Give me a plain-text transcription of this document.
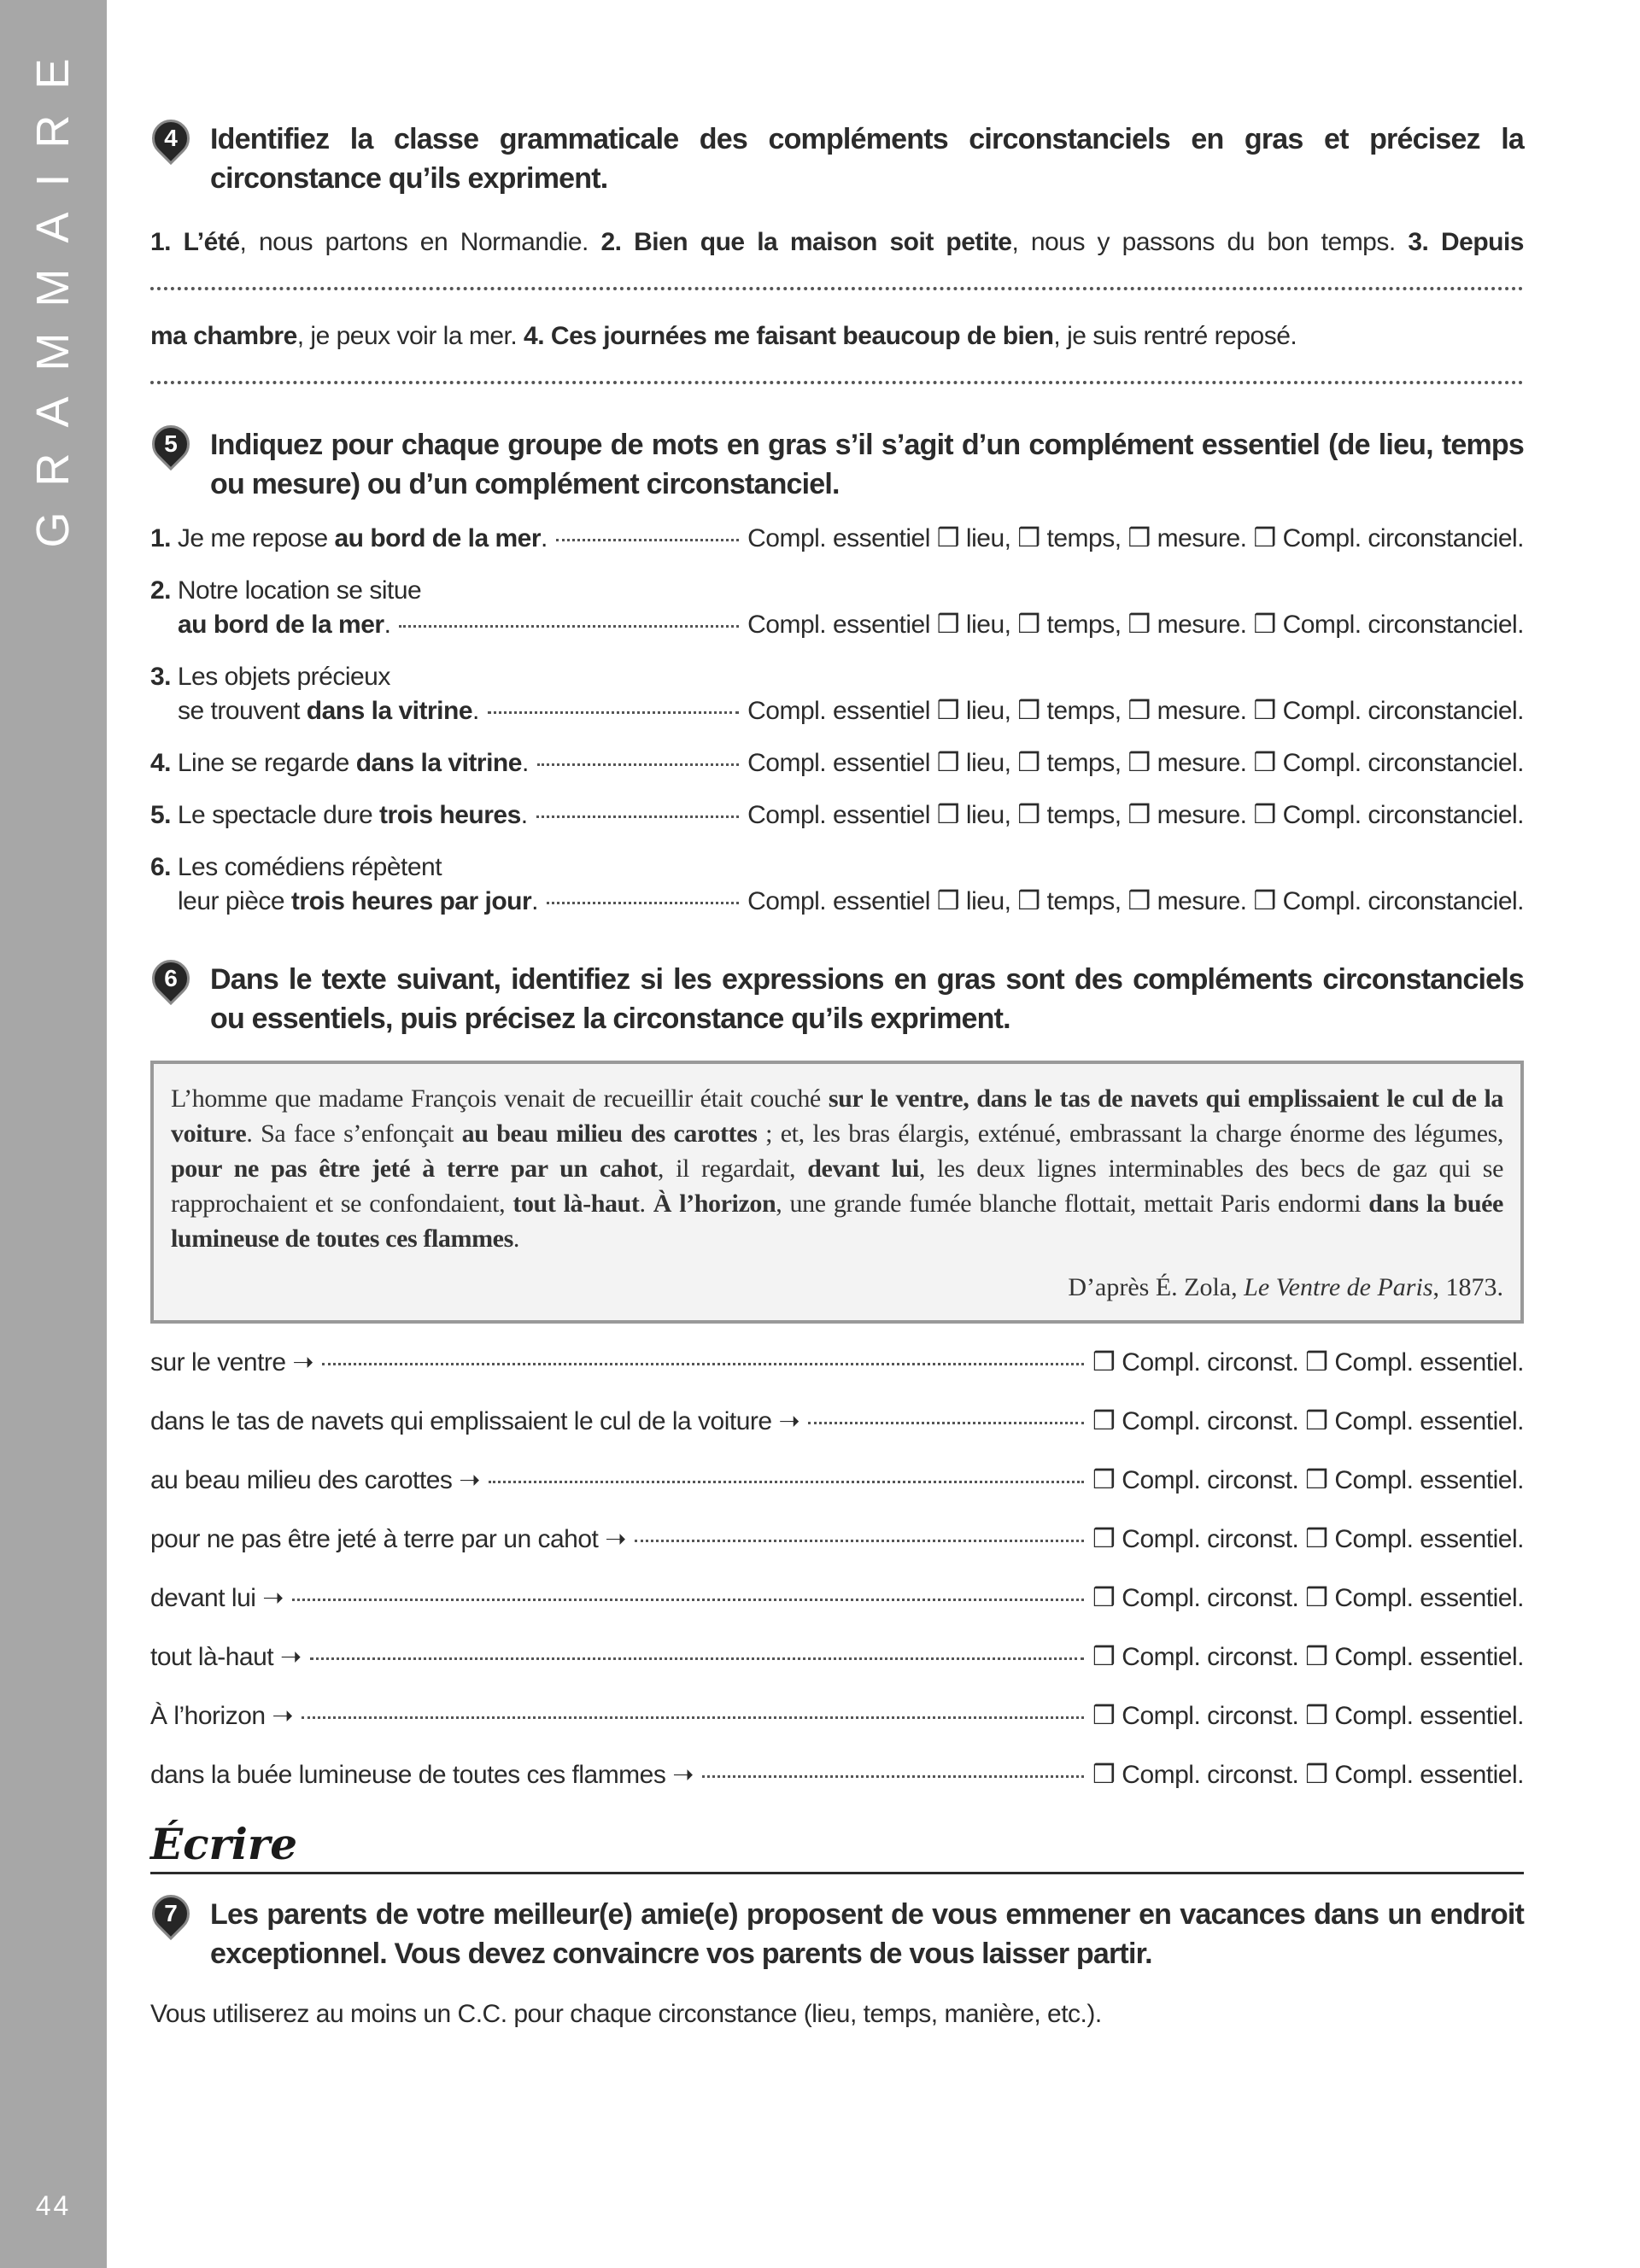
GRAMMAIRE
44
4	Identifiez la classe grammaticale des compléments circonstanciels en gras et précisez la circonstance qu’ils expriment.
1. L’été, nous partons en Normandie. 2. Bien que la maison soit petite, nous y passons du bon temps. 3. Depuis
ma chambre, je peux voir la mer. 4. Ces journées me faisant beaucoup de bien, je suis rentré reposé.
5	Indiquez pour chaque groupe de mots en gras s’il s’agit d’un complément essentiel (de lieu, temps ou mesure) ou d’un complément circonstanciel.
1. Je me repose au bord de la mer.	Compl. essentiel ❒ lieu, ❒ temps, ❒ mesure. ❒ Compl. circonstanciel.
2. Notre location se situe
au bord de la mer.	Compl. essentiel ❒ lieu, ❒ temps, ❒ mesure. ❒ Compl. circonstanciel.
3. Les objets précieux
se trouvent dans la vitrine.	Compl. essentiel ❒ lieu, ❒ temps, ❒ mesure. ❒ Compl. circonstanciel.
4. Line se regarde dans la vitrine.	Compl. essentiel ❒ lieu, ❒ temps, ❒ mesure. ❒ Compl. circonstanciel.
5. Le spectacle dure trois heures.	Compl. essentiel ❒ lieu, ❒ temps, ❒ mesure. ❒ Compl. circonstanciel.
6. Les comédiens répètent
leur pièce trois heures par jour.	Compl. essentiel ❒ lieu, ❒ temps, ❒ mesure. ❒ Compl. circonstanciel.
6	Dans le texte suivant, identifiez si les expressions en gras sont des compléments circonstanciels ou essentiels, puis précisez la circonstance qu’ils expriment.

L’homme que madame François venait de recueillir était couché sur le ventre, dans le tas de navets qui emplissaient le cul de la voiture. Sa face s’enfonçait au beau milieu des carottes ; et, les bras élargis, exténué, embrassant la charge énorme des légumes, pour ne pas être jeté à terre par un cahot, il regardait, devant lui, les deux lignes interminables des becs de gaz qui se rapprochaient et se confondaient, tout là-haut. À l’horizon, une grande fumée blanche flottait, mettait Paris endormi dans la buée lumineuse de toutes ces flammes.

D’après É. Zola, Le Ventre de Paris, 1873.
sur le ventre ➝	❒ Compl. circonst. ❒ Compl. essentiel.
dans le tas de navets qui emplissaient le cul de la voiture ➝	❒ Compl. circonst. ❒ Compl. essentiel.
au beau milieu des carottes ➝	❒ Compl. circonst. ❒ Compl. essentiel.
pour ne pas être jeté à terre par un cahot ➝	❒ Compl. circonst. ❒ Compl. essentiel.
devant lui ➝	❒ Compl. circonst. ❒ Compl. essentiel.
tout là-haut ➝	❒ Compl. circonst. ❒ Compl. essentiel.
À l’horizon ➝	❒ Compl. circonst. ❒ Compl. essentiel.
dans la buée lumineuse de toutes ces flammes ➝	❒ Compl. circonst. ❒ Compl. essentiel.
Écrire
7	Les parents de votre meilleur(e) amie(e) proposent de vous emmener en vacances dans un endroit exceptionnel. Vous devez convaincre vos parents de vous laisser partir.
Vous utiliserez au moins un C.C. pour chaque circonstance (lieu, temps, manière, etc.).
